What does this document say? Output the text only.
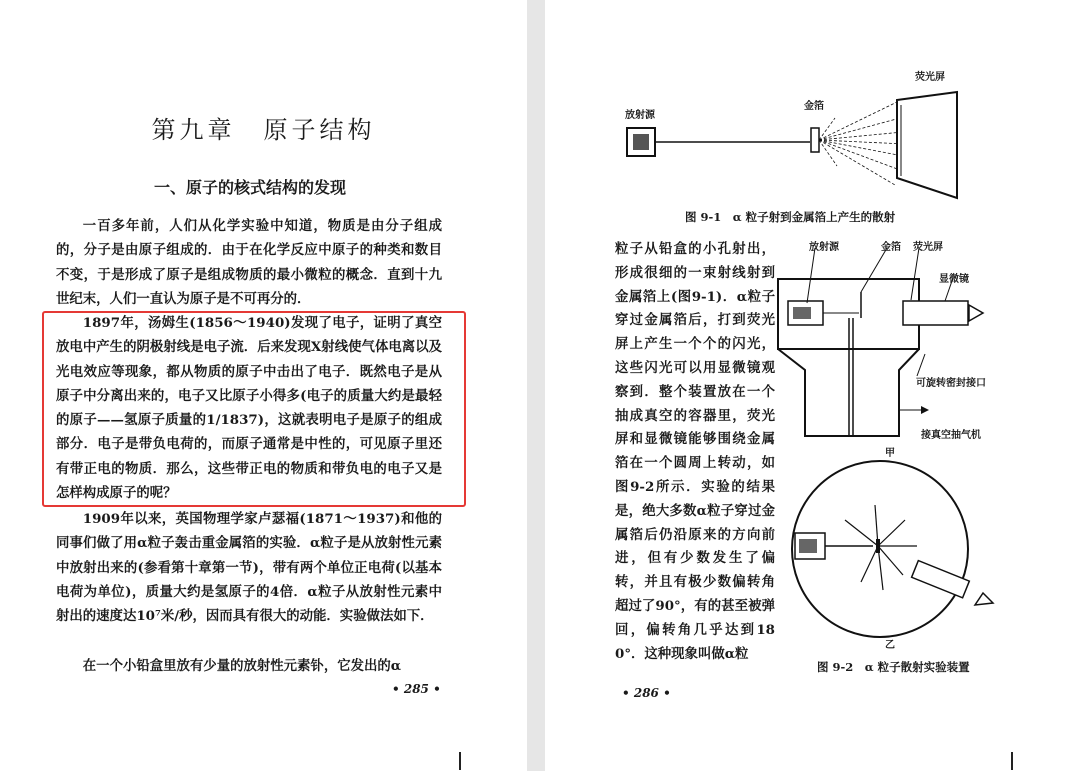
第九章　原子结构
一、原子的核式结构的发现
一百多年前，人们从化学实验中知道，物质是由分子组成的，分子是由原子组成的．由于在化学反应中原子的种类和数目不变，于是形成了原子是组成物质的最小微粒的概念．直到十九世纪末，人们一直认为原子是不可再分的．
1897年，汤姆生(1856～1940)发现了电子，证明了真空放电中产生的阴极射线是电子流．后来发现X射线使气体电离以及光电效应等现象，都从物质的原子中击出了电子．既然电子是从原子中分离出来的，电子又比原子小得多(电子的质量大约是最轻的原子——氢原子质量的1/1837)，这就表明电子是原子的组成部分．电子是带负电荷的，而原子通常是中性的，可见原子里还有带正电的物质．那么，这些带正电的物质和带负电的电子又是怎样构成原子的呢？
1909年以来，英国物理学家卢瑟福(1871～1937)和他的同事们做了用α粒子轰击重金属箔的实验．α粒子是从放射性元素中放射出来的(参看第十章第一节)，带有两个单位正电荷(以基本电荷为单位)，质量大约是氢原子的4倍．α粒子从放射性元素中射出的速度达10⁷米/秒，因而具有很大的动能．实验做法如下．
在一个小铅盒里放有少量的放射性元素钋，它发出的α
• 285 •
荧光屏
金箔
放射源
图 9-1　α 粒子射到金属箔上产生的散射
粒子从铅盒的小孔射出，形成很细的一束射线射到金属箔上(图9-1)．α粒子穿过金属箔后，打到荧光屏上产生一个个的闪光，这些闪光可以用显微镜观察到．整个装置放在一个抽成真空的容器里，荧光屏和显微镜能够围绕金属箔在一个圆周上转动，如图9-2所示．实验的结果是，绝大多数α粒子穿过金属箔后仍沿原来的方向前进，但有少数发生了偏转，并且有极少数偏转角超过了90°，有的甚至被弹回，偏转角几乎达到180°．这种现象叫做α粒
放射源	金箔 荧光屏
显微镜
可旋转密封接口
接真空抽气机
甲
乙
图 9-2　α 粒子散射实验装置
• 286 •
